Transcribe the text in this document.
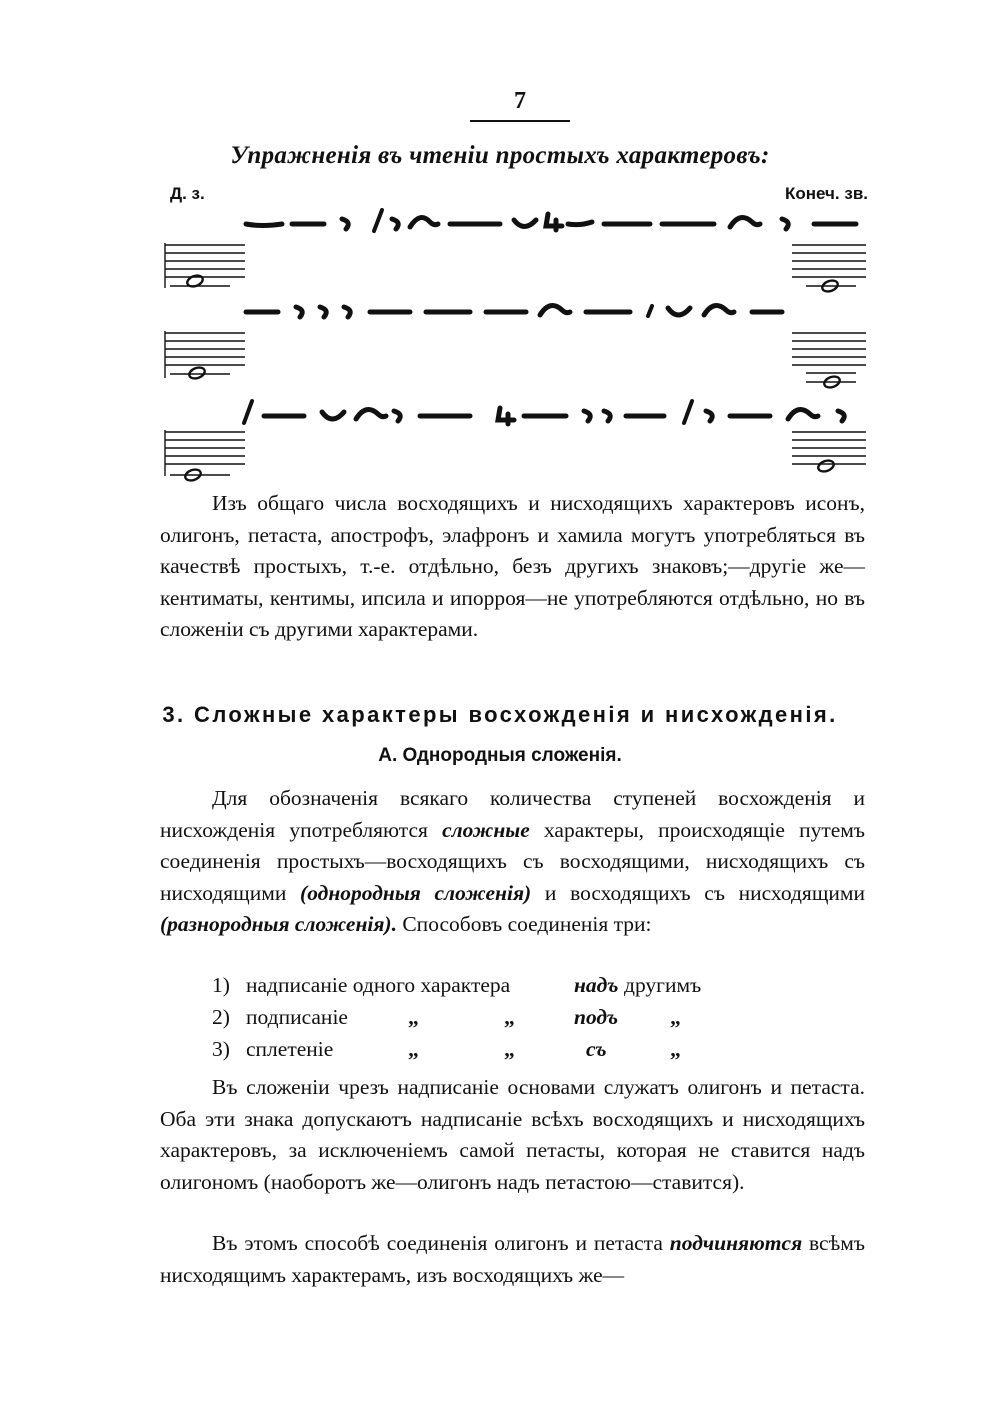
7
Упражненія въ чтеніи простыхъ характеровъ:
Д. з.	Конеч. зв.

Изъ общаго числа восходящихъ и нисходящихъ характеровъ исонъ, олигонъ, петаста, апострофъ, элафронъ и хамила могутъ употребляться въ качествѣ простыхъ, т.-е. отдѣльно, безъ другихъ знаковъ;—другіе же—кентиматы, кентимы, ипсила и ипорроя—не употребляются отдѣльно, но въ сложеніи съ другими характерами.

3. Сложные характеры восхожденія и нисхожденія.
А. Однородныя сложенія.

Для обозначенія всякаго количества ступеней восхожденія и нисхожденія употребляются сложные характеры, происходящіе путемъ соединенія простыхъ—восходящихъ съ восходящими, нисходящихъ съ нисходящими (однородныя сложенія) и восходящихъ съ нисходящими (разнородныя сложенія). Способовъ соединенія три:

1) надписаніе одного характера	надъ другимъ
2) подписаніе	„	„	подъ „
3) сплетеніе	„	„	съ	„

Въ сложеніи чрезъ надписаніе основами служатъ олигонъ и петаста. Оба эти знака допускаютъ надписаніе всѣхъ восходящихъ и нисходящихъ характеровъ, за исключеніемъ самой петасты, которая не ставится надъ олигономъ (наоборотъ же—олигонъ надъ петастою—ставится).

Въ этомъ способѣ соединенія олигонъ и петаста подчиняются всѣмъ нисходящимъ характерамъ, изъ восходящихъ же—
